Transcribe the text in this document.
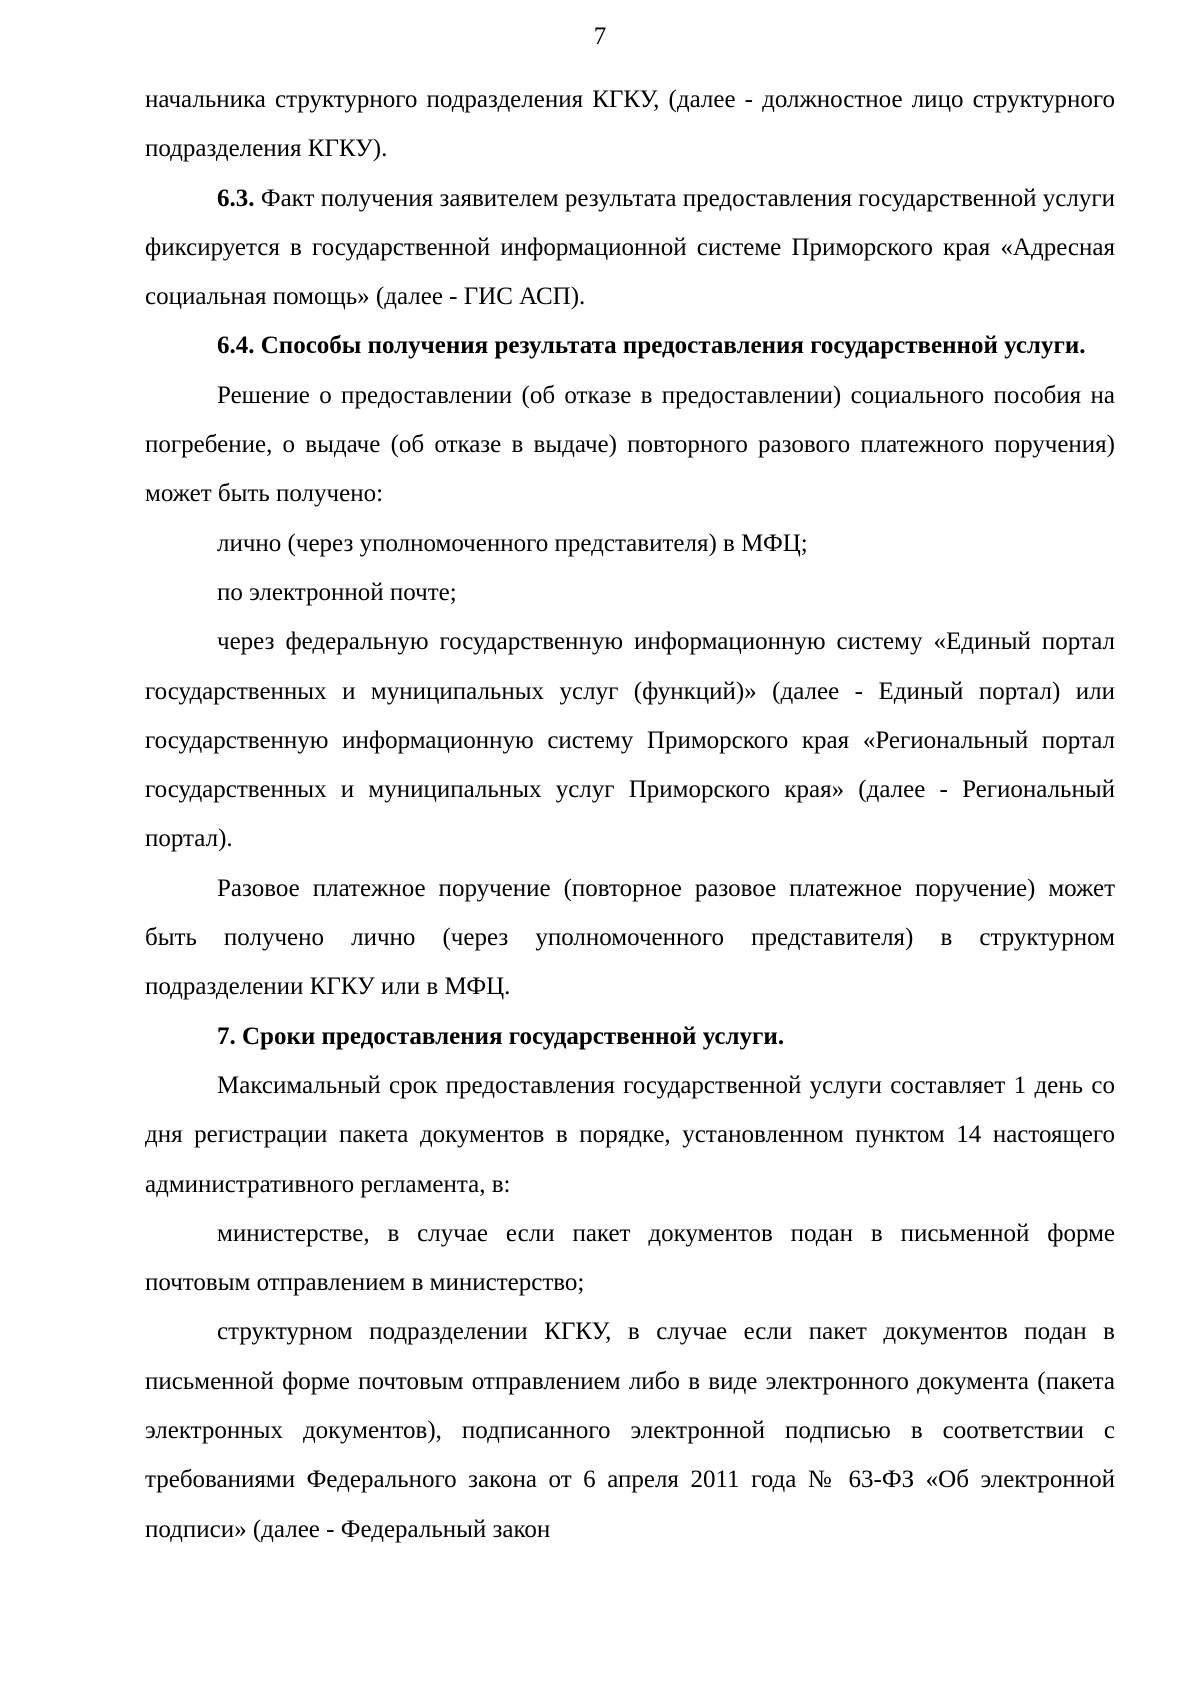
7

начальника структурного подразделения КГКУ, (далее - должностное лицо структурного подразделения КГКУ).

6.3. Факт получения заявителем результата предоставления государственной услуги фиксируется в государственной информационной системе Приморского края «Адресная социальная помощь» (далее - ГИС АСП).

6.4. Способы получения результата предоставления государственной услуги.

Решение о предоставлении (об отказе в предоставлении) социального пособия на погребение, о выдаче (об отказе в выдаче) повторного разового платежного поручения) может быть получено:

лично (через уполномоченного представителя) в МФЦ;

по электронной почте;

через федеральную государственную информационную систему «Единый портал государственных и муниципальных услуг (функций)» (далее - Единый портал) или государственную информационную систему Приморского края «Региональный портал государственных и муниципальных услуг Приморского края» (далее - Региональный портал).

Разовое платежное поручение (повторное разовое платежное поручение) может быть получено лично (через уполномоченного представителя) в структурном подразделении КГКУ или в МФЦ.

7. Сроки предоставления государственной услуги.

Максимальный срок предоставления государственной услуги составляет 1 день со дня регистрации пакета документов в порядке, установленном пунктом 14 настоящего административного регламента, в:

министерстве, в случае если пакет документов подан в письменной форме почтовым отправлением в министерство;

структурном подразделении КГКУ, в случае если пакет документов подан в письменной форме почтовым отправлением либо в виде электронного документа (пакета электронных документов), подписанного электронной подписью в соответствии с требованиями Федерального закона от 6 апреля 2011 года № 63-ФЗ «Об электронной подписи» (далее - Федеральный закон
